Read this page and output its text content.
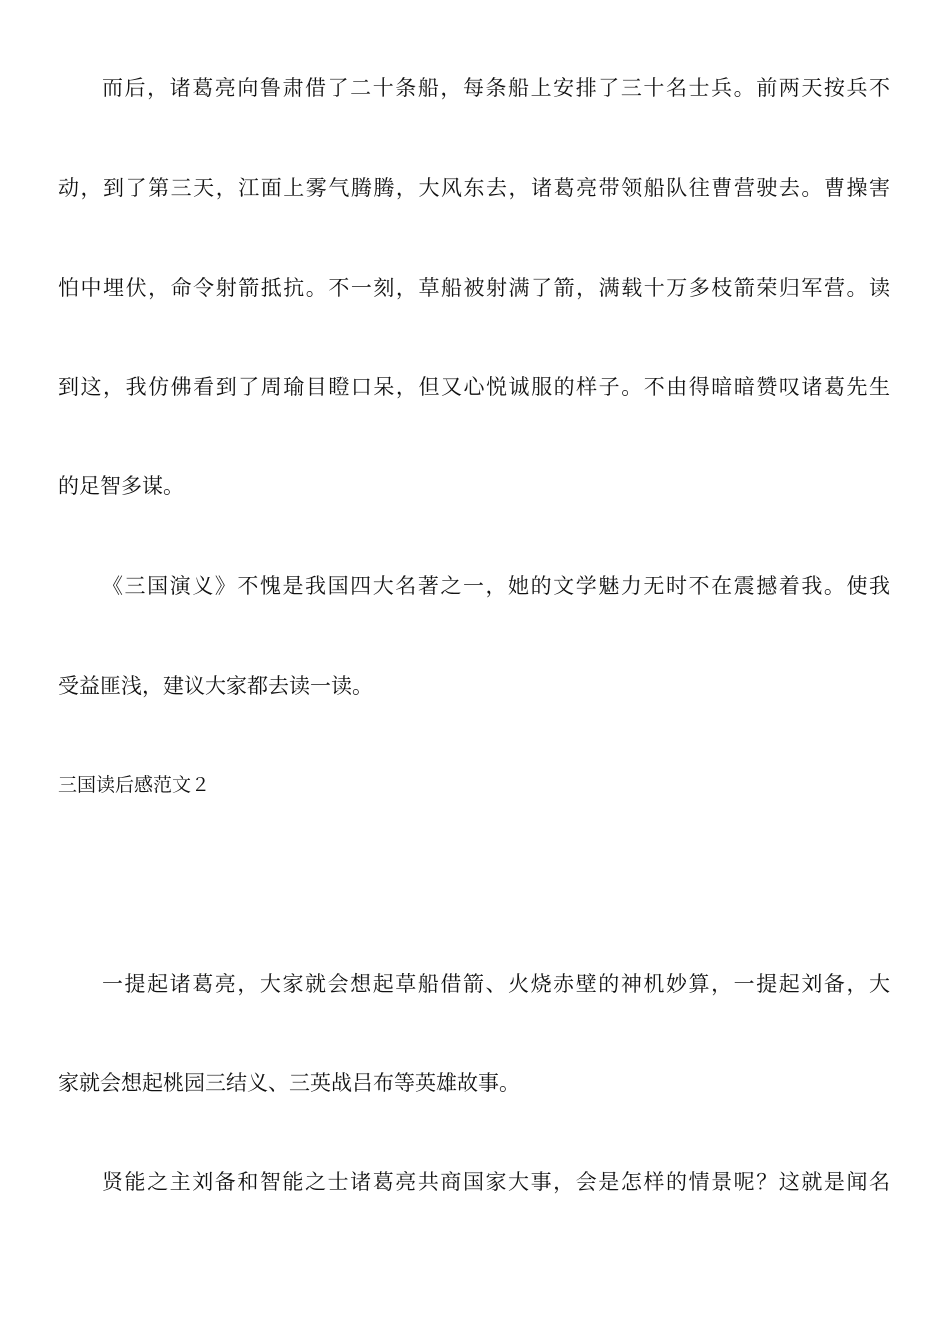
而后，诸葛亮向鲁肃借了二十条船，每条船上安排了三十名士兵。前两天按兵不
动，到了第三天，江面上雾气腾腾，大风东去，诸葛亮带领船队往曹营驶去。曹操害
怕中埋伏，命令射箭抵抗。不一刻，草船被射满了箭，满载十万多枝箭荣归军营。读
到这，我仿佛看到了周瑜目瞪口呆，但又心悦诚服的样子。不由得暗暗赞叹诸葛先生
的足智多谋。
《三国演义》不愧是我国四大名著之一，她的文学魅力无时不在震撼着我。使我
受益匪浅，建议大家都去读一读。
三国读后感范文２
一提起诸葛亮，大家就会想起草船借箭、火烧赤壁的神机妙算，一提起刘备，大
家就会想起桃园三结义、三英战吕布等英雄故事。
贤能之主刘备和智能之士诸葛亮共商国家大事，会是怎样的情景呢？这就是闻名
